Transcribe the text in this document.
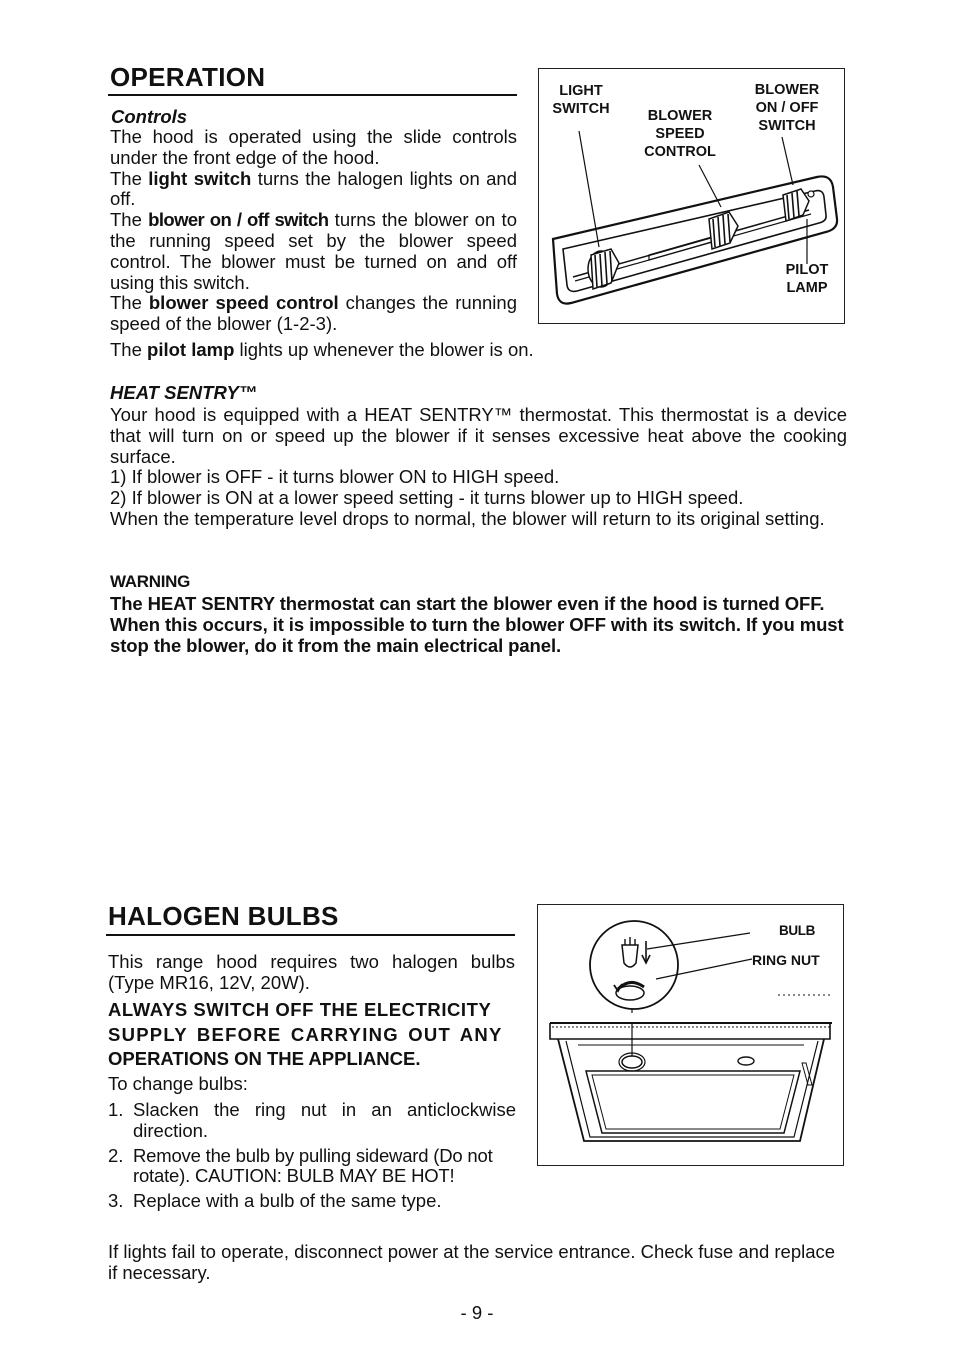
OPERATION
Controls
The hood is operated using the slide controls under the front edge of the hood.
The light switch turns the halogen lights on and off.
The blower on / off switch turns the blower on to the running speed set by the blower speed control. The blower must be turned on and off using this switch.
The blower speed control changes the running speed of the blower (1-2-3).
The pilot lamp lights up whenever the blower is on.
LIGHT
SWITCH	BLOWER
SPEED
CONTROL
BLOWER
ON / OFF
SWITCH
PILOT
LAMP
HEAT SENTRY™
Your hood is equipped with a HEAT SENTRY™ thermostat. This thermostat is a device that will turn on or speed up the blower if it senses excessive heat above the cooking surface.
1) If blower is OFF - it turns blower ON to HIGH speed.
2) If blower is ON at a lower speed setting - it turns blower up to HIGH speed.
When the temperature level drops to normal, the blower will return to its original setting.
WARNING
The HEAT SENTRY thermostat can start the blower even if the hood is turned OFF. When this occurs, it is impossible to turn the blower OFF with its switch. If you must stop the blower, do it from the main electrical panel.
HALOGEN BULBS
This range hood requires two halogen bulbs (Type MR16, 12V, 20W).
ALWAYS SWITCH OFF THE ELECTRICITY
SUPPLY BEFORE CARRYING OUT ANY
OPERATIONS ON THE APPLIANCE.
To change bulbs:
1. Slacken the ring nut in an anticlockwise direction.
2. Remove the bulb by pulling sideward (Do not rotate). CAUTION: BULB MAY BE HOT!
3. Replace with a bulb of the same type.
BULB
RING NUT
If lights fail to operate, disconnect power at the service entrance. Check fuse and replace if necessary.
- 9 -
